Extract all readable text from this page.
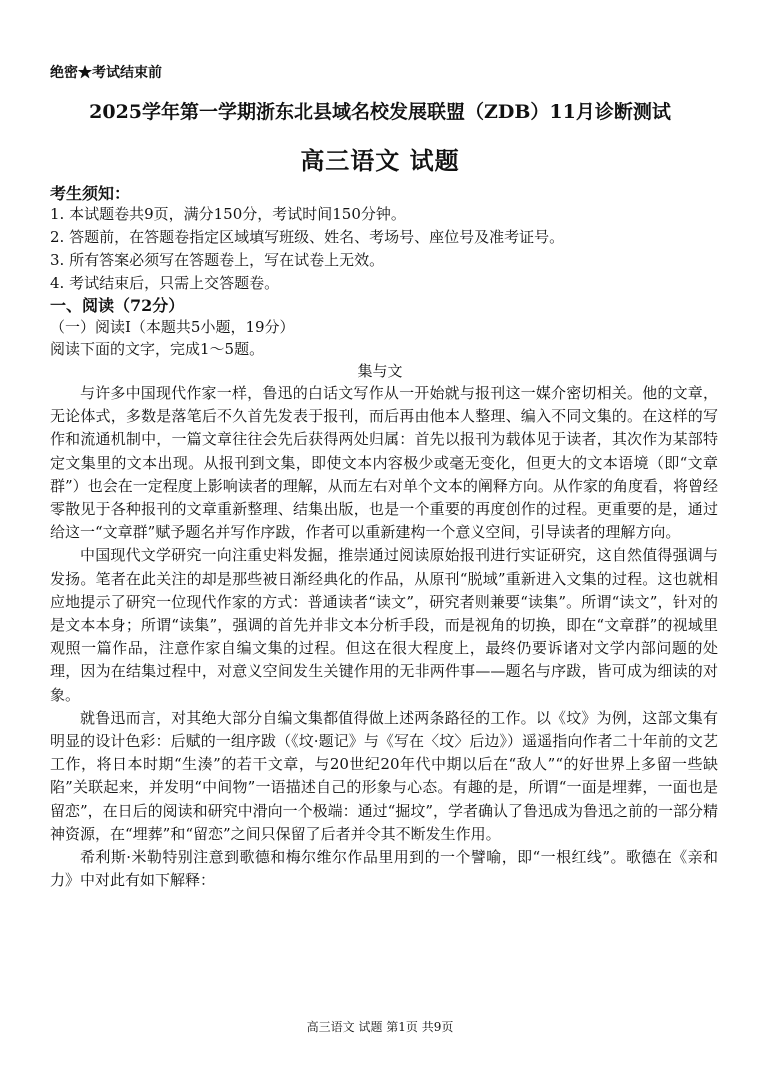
绝密★考试结束前
2025学年第一学期浙东北县域名校发展联盟（ZDB）11月诊断测试
高三语文 试题
考生须知：
1. 本试题卷共9页，满分150分，考试时间150分钟。
2. 答题前，在答题卷指定区域填写班级、姓名、考场号、座位号及准考证号。
3. 所有答案必须写在答题卷上，写在试卷上无效。
4. 考试结束后，只需上交答题卷。
一、阅读（72分）
（一）阅读Ⅰ（本题共5小题，19分）
阅读下面的文字，完成1～5题。
集与文

与许多中国现代作家一样，鲁迅的白话文写作从一开始就与报刊这一媒介密切相关。他的文章，无论体式，多数是落笔后不久首先发表于报刊，而后再由他本人整理、编入不同文集的。在这样的写作和流通机制中，一篇文章往往会先后获得两处归属：首先以报刊为载体见于读者，其次作为某部特定文集里的文本出现。从报刊到文集，即使文本内容极少或毫无变化，但更大的文本语境（即“文章群”）也会在一定程度上影响读者的理解，从而左右对单个文本的阐释方向。从作家的角度看，将曾经零散见于各种报刊的文章重新整理、结集出版，也是一个重要的再度创作的过程。更重要的是，通过给这一“文章群”赋予题名并写作序跋，作者可以重新建构一个意义空间，引导读者的理解方向。

中国现代文学研究一向注重史料发掘，推崇通过阅读原始报刊进行实证研究，这自然值得强调与发扬。笔者在此关注的却是那些被日渐经典化的作品，从原刊“脱域”重新进入文集的过程。这也就相应地提示了研究一位现代作家的方式：普通读者“读文”，研究者则兼要“读集”。所谓“读文”，针对的是文本本身；所谓“读集”，强调的首先并非文本分析手段，而是视角的切换，即在“文章群”的视域里观照一篇作品，注意作家自编文集的过程。但这在很大程度上，最终仍要诉诸对文学内部问题的处理，因为在结集过程中，对意义空间发生关键作用的无非两件事——题名与序跋，皆可成为细读的对象。

就鲁迅而言，对其绝大部分自编文集都值得做上述两条路径的工作。以《坟》为例，这部文集有明显的设计色彩：后赋的一组序跋（《坟·题记》与《写在〈坟〉后边》）遥遥指向作者二十年前的文艺工作，将日本时期“生湊”的若干文章，与20世纪20年代中期以后在“敌人”“的好世界上多留一些缺陷”关联起来，并发明“中间物”一语描述自己的形象与心态。有趣的是，所谓“一面是埋葬，一面也是留恋”，在日后的阅读和研究中滑向一个极端：通过“掘坟”，学者确认了鲁迅成为鲁迅之前的一部分精神资源，在“埋葬”和“留恋”之间只保留了后者并令其不断发生作用。

希利斯·米勒特别注意到歌德和梅尔维尔作品里用到的一个譬喻，即“一根红线”。歌德在《亲和力》中对此有如下解释：

高三语文 试题 第1页 共9页
